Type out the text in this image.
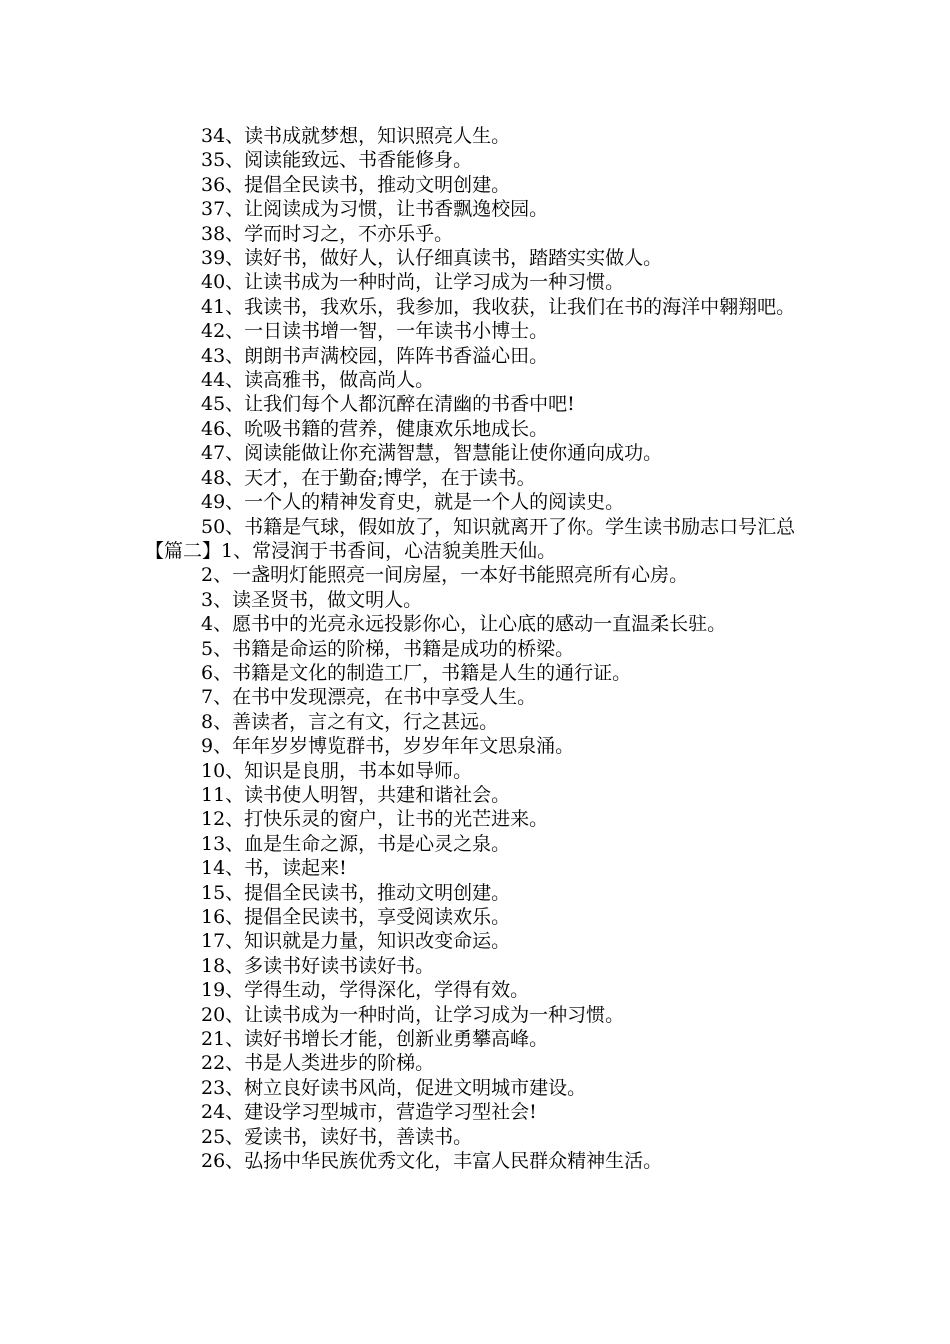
34、读书成就梦想，知识照亮人生。

35、阅读能致远、书香能修身。

36、提倡全民读书，推动文明创建。

37、让阅读成为习惯，让书香飘逸校园。

38、学而时习之，不亦乐乎。

39、读好书，做好人，认仔细真读书，踏踏实实做人。

40、让读书成为一种时尚，让学习成为一种习惯。

41、我读书，我欢乐，我参加，我收获，让我们在书的海洋中翱翔吧。

42、一日读书增一智，一年读书小博士。

43、朗朗书声满校园，阵阵书香溢心田。

44、读高雅书，做高尚人。

45、让我们每个人都沉醉在清幽的书香中吧!

46、吮吸书籍的营养，健康欢乐地成长。

47、阅读能做让你充满智慧，智慧能让使你通向成功。

48、天才，在于勤奋;博学，在于读书。

49、一个人的精神发育史，就是一个人的阅读史。

50、书籍是气球，假如放了，知识就离开了你。学生读书励志口号汇总【篇二】1、常浸润于书香间，心洁貌美胜天仙。

2、一盏明灯能照亮一间房屋，一本好书能照亮所有心房。

3、读圣贤书，做文明人。

4、愿书中的光亮永远投影你心，让心底的感动一直温柔长驻。

5、书籍是命运的阶梯，书籍是成功的桥梁。

6、书籍是文化的制造工厂，书籍是人生的通行证。

7、在书中发现漂亮，在书中享受人生。

8、善读者，言之有文，行之甚远。

9、年年岁岁博览群书，岁岁年年文思泉涌。

10、知识是良朋，书本如导师。

11、读书使人明智，共建和谐社会。

12、打快乐灵的窗户，让书的光芒进来。

13、血是生命之源，书是心灵之泉。

14、书，读起来!

15、提倡全民读书，推动文明创建。

16、提倡全民读书，享受阅读欢乐。

17、知识就是力量，知识改变命运。

18、多读书好读书读好书。

19、学得生动，学得深化，学得有效。

20、让读书成为一种时尚，让学习成为一种习惯。

21、读好书增长才能，创新业勇攀高峰。

22、书是人类进步的阶梯。

23、树立良好读书风尚，促进文明城市建设。

24、建设学习型城市，营造学习型社会!

25、爱读书，读好书，善读书。

26、弘扬中华民族优秀文化，丰富人民群众精神生活。
